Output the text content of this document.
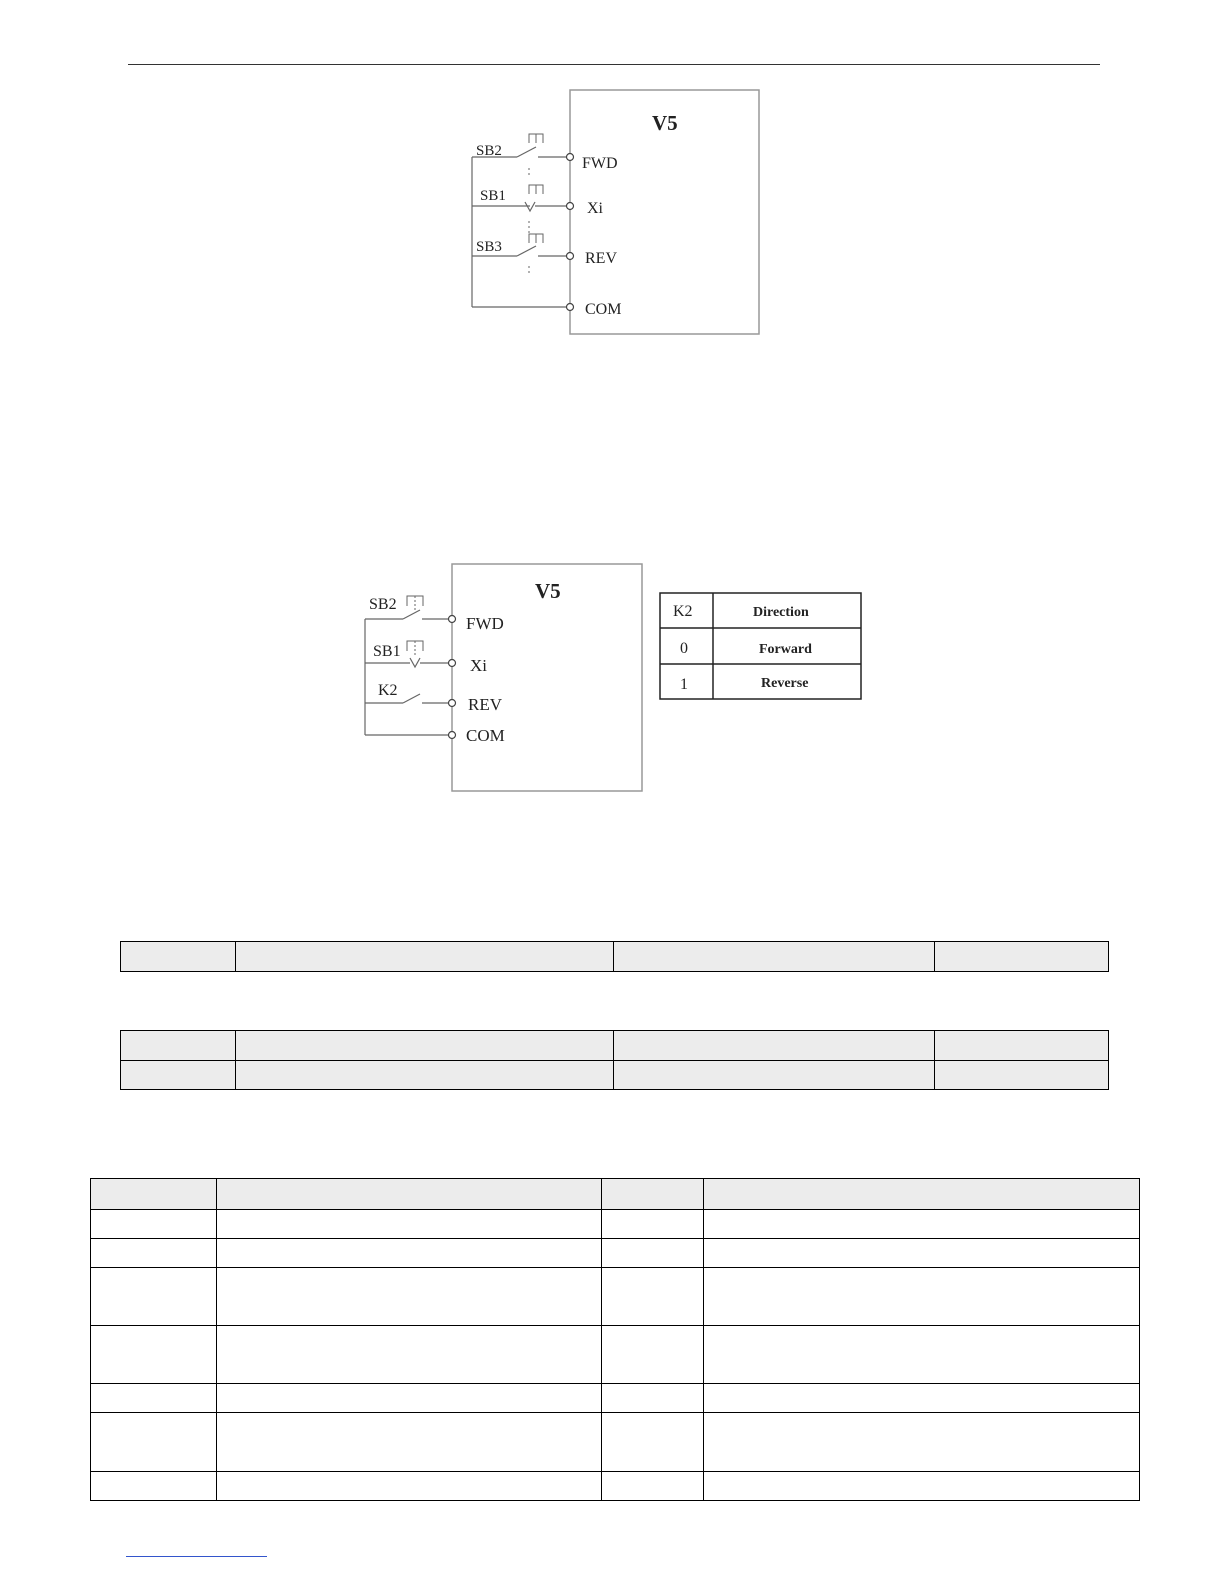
V5
SB2
FWD
SB1
Xi
SB3
REV
COM
V5
SB2
FWD
SB1
Xi
K2
REV
COM
K2	Direction
0	Forward
1	Reverse
